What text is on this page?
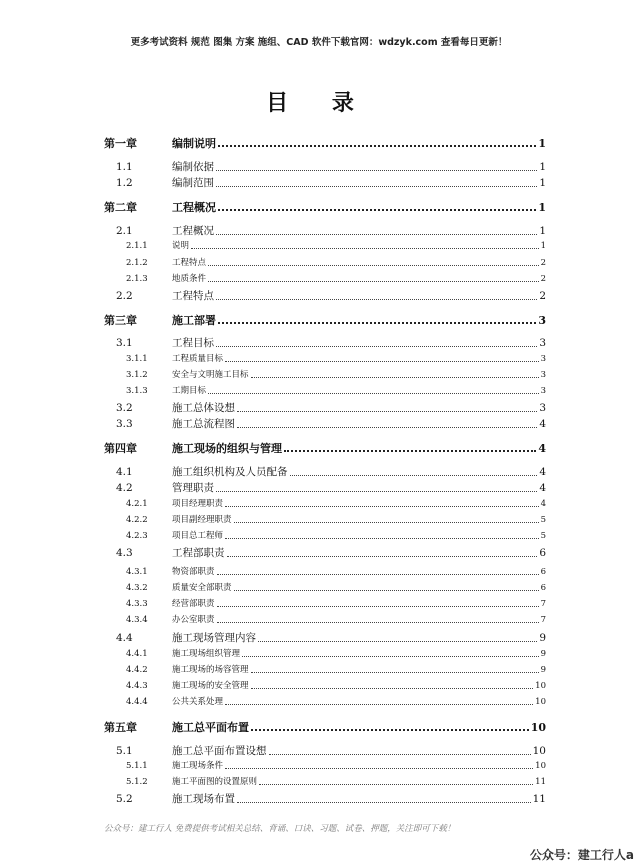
更多考试资料 规范 图集 方案 施组、CAD 软件下载官网：wdzyk.com 查看每日更新！
目 录
第一章	编制说明	1
1.1	编制依据	1
1.2	编制范围	1
第二章	工程概况	1
2.1	工程概况	1
2.1.1	说明	1
2.1.2	工程特点	2
2.1.3	地质条件	2
2.2	工程特点	2
第三章	施工部署	3
3.1	工程目标	3
3.1.1	工程质量目标	3
3.1.2	安全与文明施工目标	3
3.1.3	工期目标	3
3.2	施工总体设想	3
3.3	施工总流程图	4
第四章	施工现场的组织与管理	4
4.1	施工组织机构及人员配备	4
4.2	管理职责	4
4.2.1	项目经理职责	4
4.2.2	项目副经理职责	5
4.2.3	项目总工程师	5
4.3	工程部职责	6
4.3.1	物资部职责	6
4.3.2	质量安全部职责	6
4.3.3	经营部职责	7
4.3.4	办公室职责	7
4.4	施工现场管理内容	9
4.4.1	施工现场组织管理	9
4.4.2	施工现场的场容管理	9
4.4.3	施工现场的安全管理	10
4.4.4	公共关系处理	10
第五章	施工总平面布置	10
5.1	施工总平面布置设想	10
5.1.1	施工现场条件	10
5.1.2	施工平面图的设置原则	11
5.2	施工现场布置	11
公众号：建工行人 免费提供考试相关总结、背诵、口诀、习题、试卷、押题，关注即可下载！
公众号：建工行人a
